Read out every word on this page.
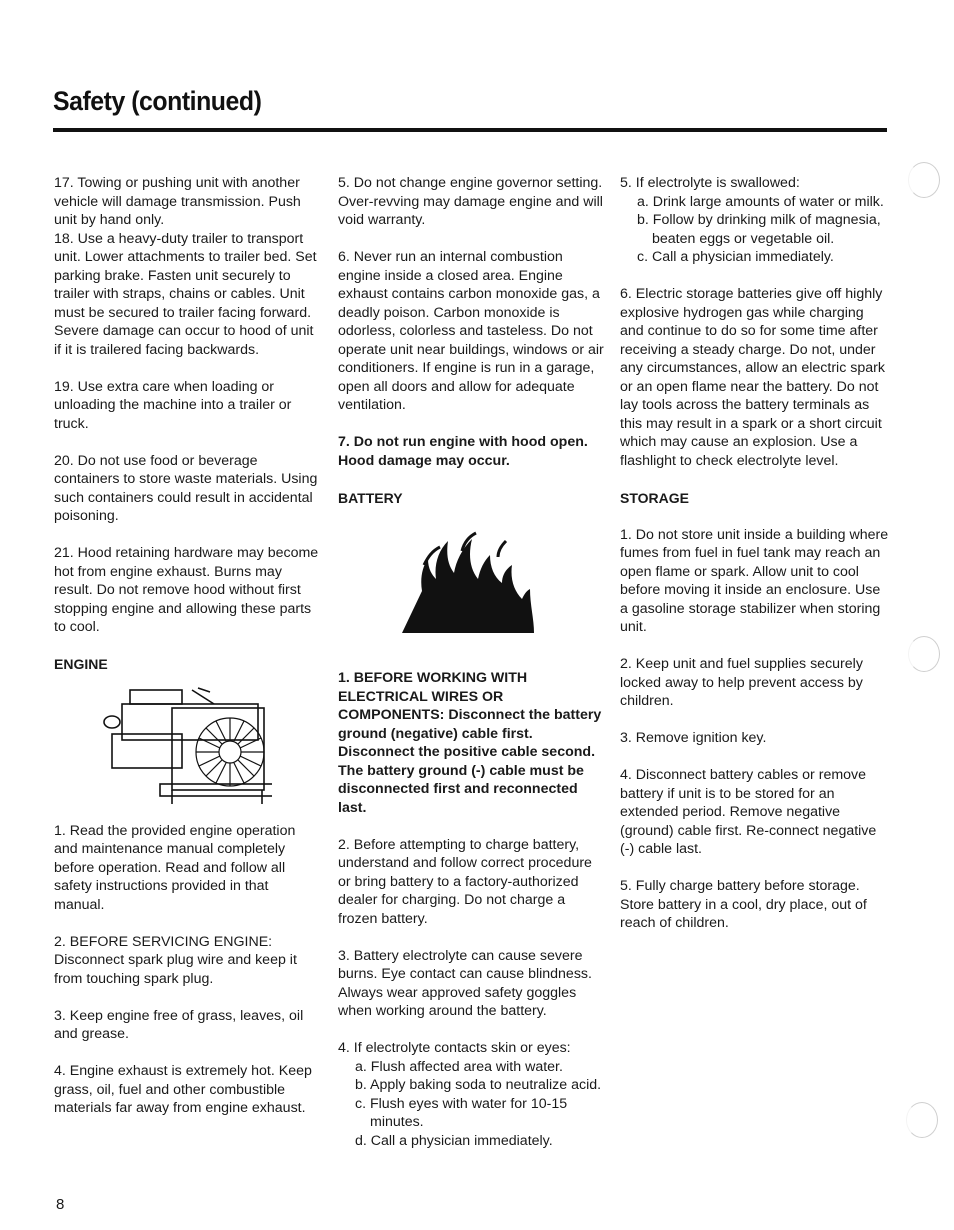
Safety (continued)

17. Towing or pushing unit with another vehicle will damage transmission. Push unit by hand only.

18. Use a heavy-duty trailer to transport unit. Lower attachments to trailer bed. Set parking brake. Fasten unit securely to trailer with straps, chains or cables. Unit must be secured to trailer facing forward. Severe damage can occur to hood of unit if it is trailered facing backwards.

19. Use extra care when loading or unloading the machine into a trailer or truck.

20. Do not use food or beverage containers to store waste materials. Using such containers could result in accidental poisoning.

21. Hood retaining hardware may become hot from engine exhaust. Burns may result. Do not remove hood without first stopping engine and allowing these parts to cool.

ENGINE

1. Read the provided engine operation and maintenance manual completely before operation. Read and follow all safety instructions provided in that manual.

2. BEFORE SERVICING ENGINE: Disconnect spark plug wire and keep it from touching spark plug.

3. Keep engine free of grass, leaves, oil and grease.

4. Engine exhaust is extremely hot. Keep grass, oil, fuel and other combustible materials far away from engine exhaust.

5. Do not change engine governor setting. Over-revving may damage engine and will void warranty.

6. Never run an internal combustion engine inside a closed area. Engine exhaust contains carbon monoxide gas, a deadly poison. Carbon monoxide is odorless, colorless and tasteless. Do not operate unit near buildings, windows or air conditioners. If engine is run in a garage, open all doors and allow for adequate ventilation.

7. Do not run engine with hood open. Hood damage may occur.

BATTERY

1. BEFORE WORKING WITH ELECTRICAL WIRES OR COMPONENTS: Disconnect the battery ground (negative) cable first. Disconnect the positive cable second. The battery ground (-) cable must be disconnected first and reconnected last.

2. Before attempting to charge battery, understand and follow correct procedure or bring battery to a factory-authorized dealer for charging. Do not charge a frozen battery.

3. Battery electrolyte can cause severe burns. Eye contact can cause blindness. Always wear approved safety goggles when working around the battery.

4. If electrolyte contacts skin or eyes:
a. Flush affected area with water.
b. Apply baking soda to neutralize acid.
c. Flush eyes with water for 10-15
minutes.
d. Call a physician immediately.
5. If electrolyte is swallowed:
a. Drink large amounts of water or milk.
b. Follow by drinking milk of magnesia,
beaten eggs or vegetable oil.
c. Call a physician immediately.

6. Electric storage batteries give off highly explosive hydrogen gas while charging and continue to do so for some time after receiving a steady charge. Do not, under any circumstances, allow an electric spark or an open flame near the battery. Do not lay tools across the battery terminals as this may result in a spark or a short circuit which may cause an explosion. Use a flashlight to check electrolyte level.

STORAGE

1. Do not store unit inside a building where fumes from fuel in fuel tank may reach an open flame or spark. Allow unit to cool before moving it inside an enclosure. Use a gasoline storage stabilizer when storing unit.

2. Keep unit and fuel supplies securely locked away to help prevent access by children.

3. Remove ignition key.

4. Disconnect battery cables or remove battery if unit is to be stored for an extended period. Remove negative (ground) cable first. Re-connect negative (-) cable last.

5. Fully charge battery before storage. Store battery in a cool, dry place, out of reach of children.

8
